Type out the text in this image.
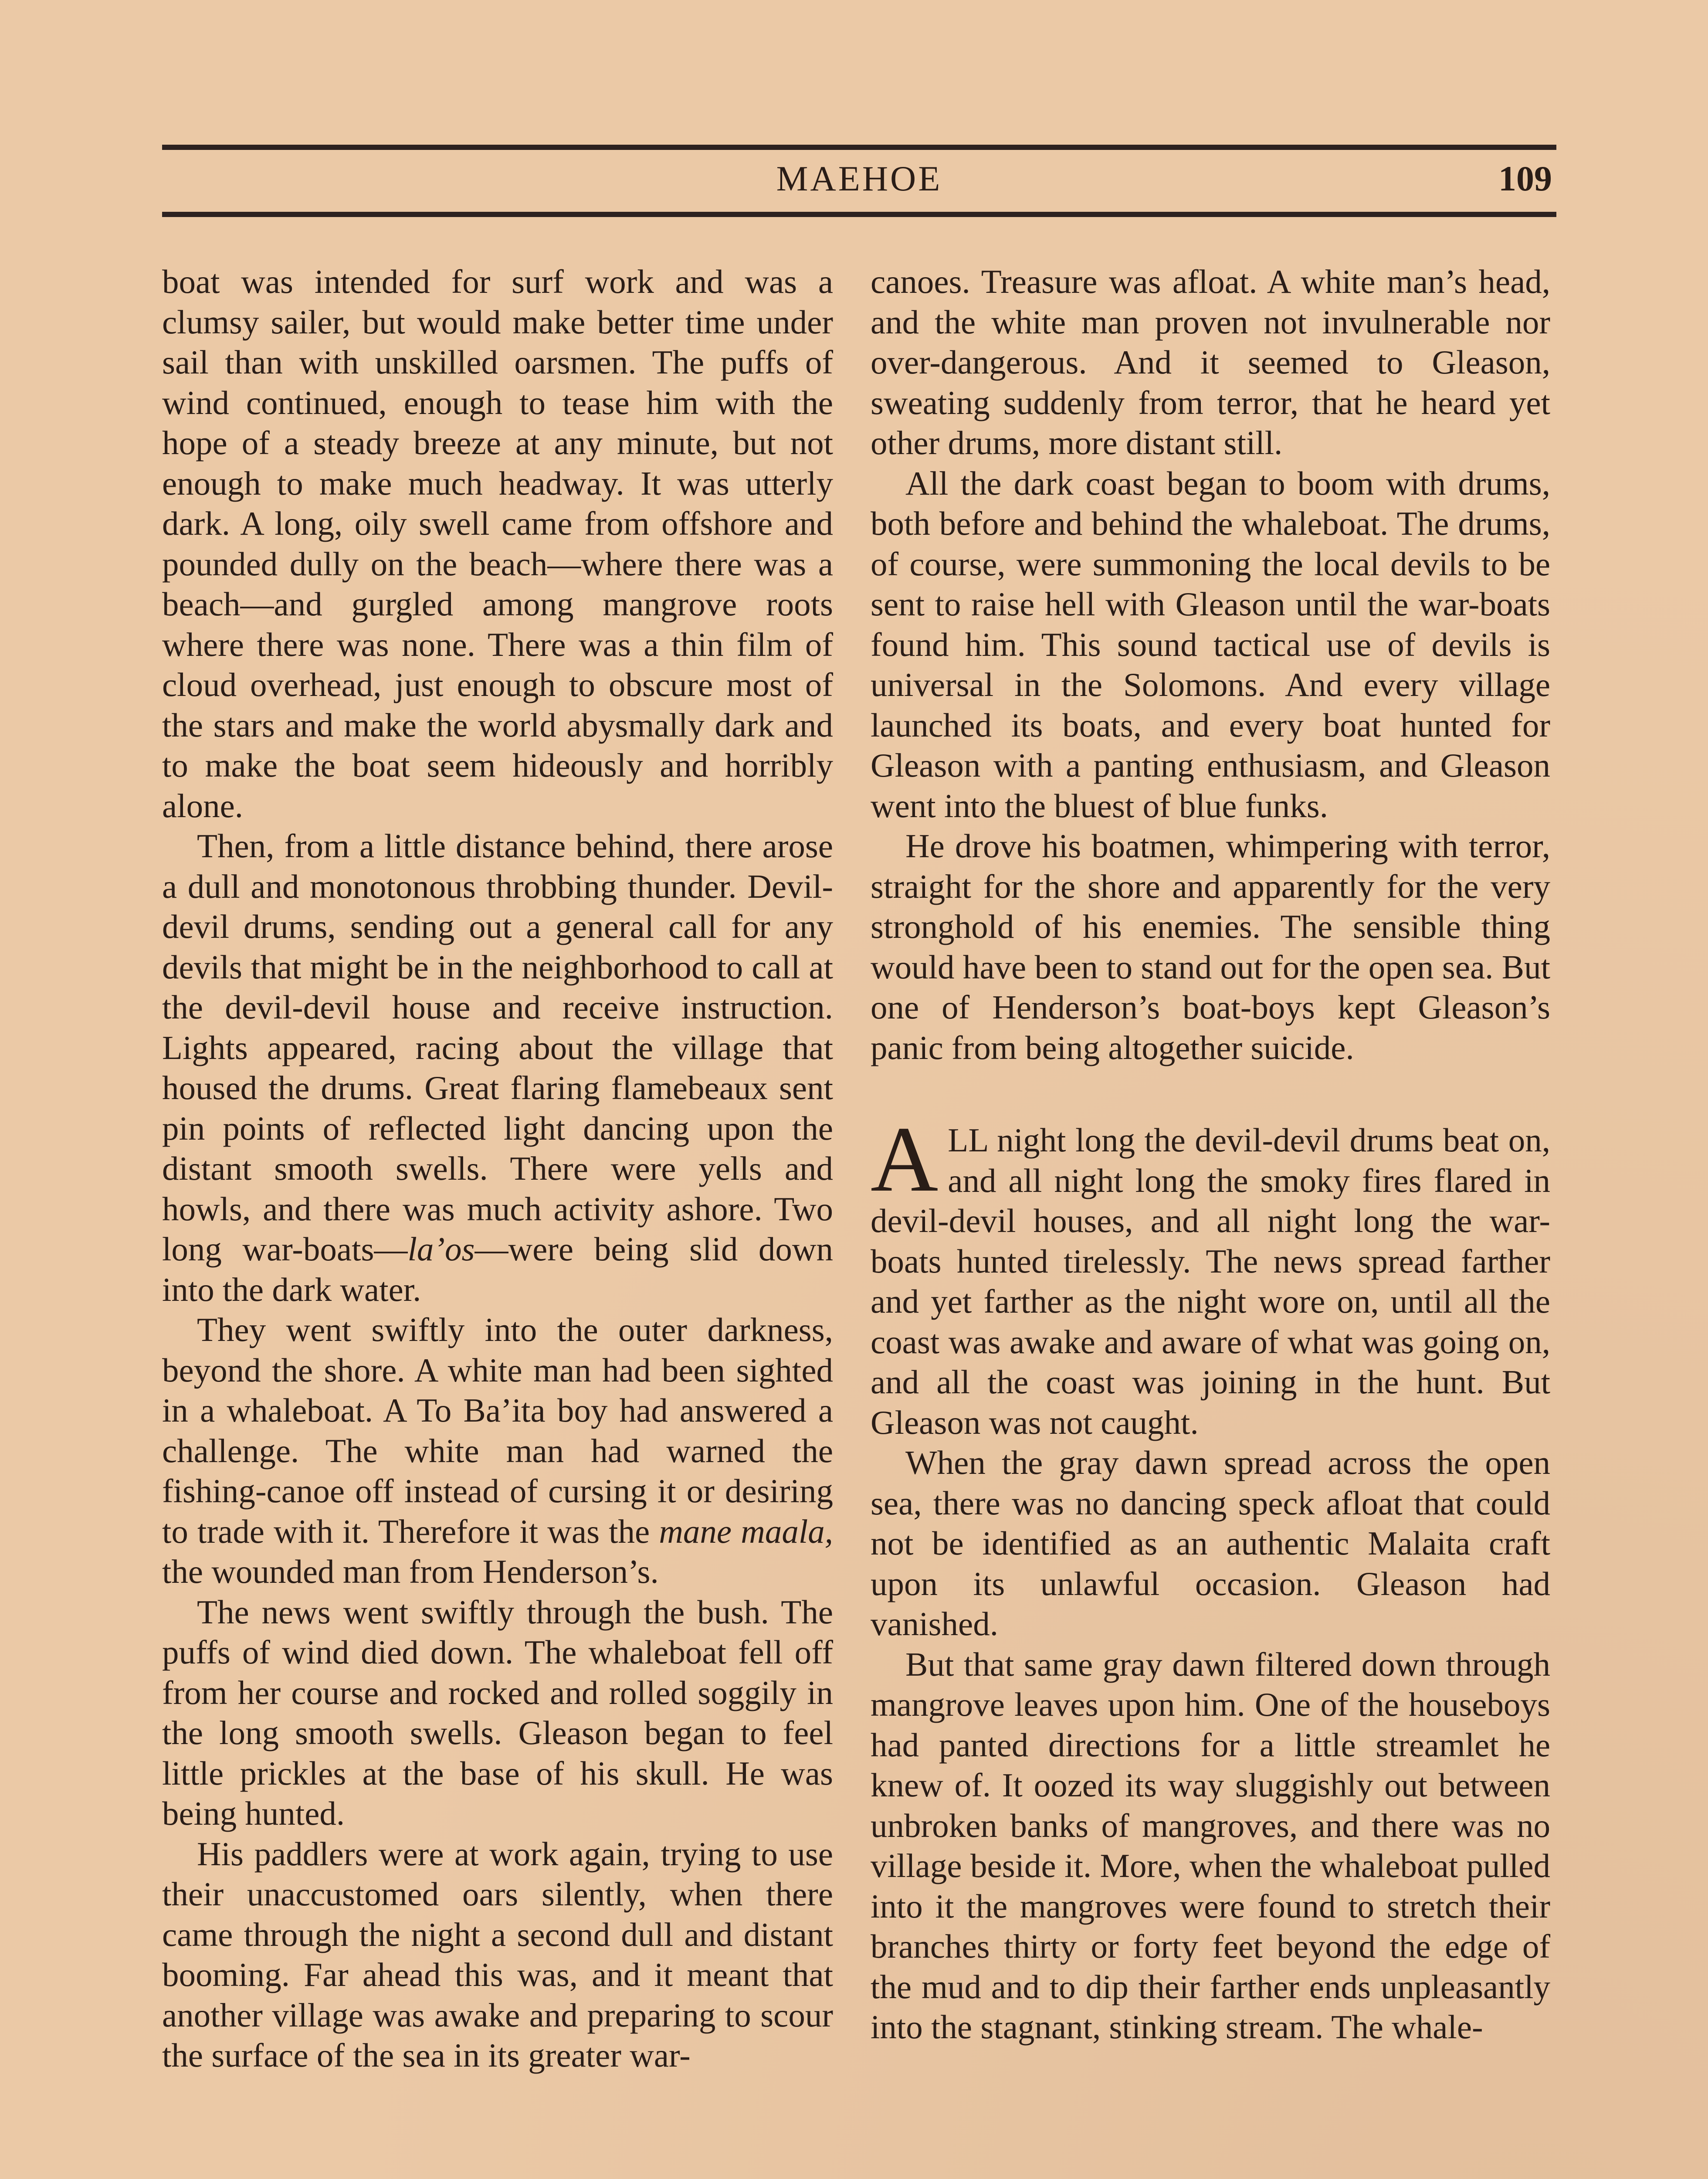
MAEHOE	109

boat was intended for surf work and was a clumsy sailer, but would make better time under sail than with unskilled oarsmen. The puffs of wind continued, enough to tease him with the hope of a steady breeze at any minute, but not enough to make much headway. It was utterly dark. A long, oily swell came from offshore and pounded dully on the beach—where there was a beach—and gurgled among mangrove roots where there was none. There was a thin film of cloud overhead, just enough to obscure most of the stars and make the world abysmally dark and to make the boat seem hideously and horribly alone.

Then, from a little distance behind, there arose a dull and monotonous throbbing thunder. Devil-devil drums, sending out a general call for any devils that might be in the neighborhood to call at the devil-devil house and receive instruction. Lights appeared, racing about the village that housed the drums. Great flaring flamebeaux sent pin points of reflected light dancing upon the distant smooth swells. There were yells and howls, and there was much activity ashore. Two long war-boats—la’os—were being slid down into the dark water.

They went swiftly into the outer darkness, beyond the shore. A white man had been sighted in a whaleboat. A To Ba’ita boy had answered a challenge. The white man had warned the fishing-canoe off instead of cursing it or desiring to trade with it. Therefore it was the mane maala, the wounded man from Henderson’s.

The news went swiftly through the bush. The puffs of wind died down. The whaleboat fell off from her course and rocked and rolled soggily in the long smooth swells. Gleason began to feel little prickles at the base of his skull. He was being hunted.

His paddlers were at work again, trying to use their unaccustomed oars silently, when there came through the night a second dull and distant booming. Far ahead this was, and it meant that another village was awake and preparing to scour the surface of the sea in its greater war-

canoes. Treasure was afloat. A white man’s head, and the white man proven not invulnerable nor over-dangerous. And it seemed to Gleason, sweating suddenly from terror, that he heard yet other drums, more distant still.

All the dark coast began to boom with drums, both before and behind the whaleboat. The drums, of course, were summoning the local devils to be sent to raise hell with Gleason until the war-boats found him. This sound tactical use of devils is universal in the Solomons. And every village launched its boats, and every boat hunted for Gleason with a panting enthusiasm, and Gleason went into the bluest of blue funks.

He drove his boatmen, whimpering with terror, straight for the shore and apparently for the very stronghold of his enemies. The sensible thing would have been to stand out for the open sea. But one of Henderson’s boat-boys kept Gleason’s panic from being altogether suicide.

ALL night long the devil-devil drums beat on, and all night long the smoky fires flared in devil-devil houses, and all night long the war-boats hunted tirelessly. The news spread farther and yet farther as the night wore on, until all the coast was awake and aware of what was going on, and all the coast was joining in the hunt. But Gleason was not caught.

When the gray dawn spread across the open sea, there was no dancing speck afloat that could not be identified as an authentic Malaita craft upon its unlawful occasion. Gleason had vanished.

But that same gray dawn filtered down through mangrove leaves upon him. One of the houseboys had panted directions for a little streamlet he knew of. It oozed its way sluggishly out between unbroken banks of mangroves, and there was no village beside it. More, when the whaleboat pulled into it the mangroves were found to stretch their branches thirty or forty feet beyond the edge of the mud and to dip their farther ends unpleasantly into the stagnant, stinking stream. The whale-
